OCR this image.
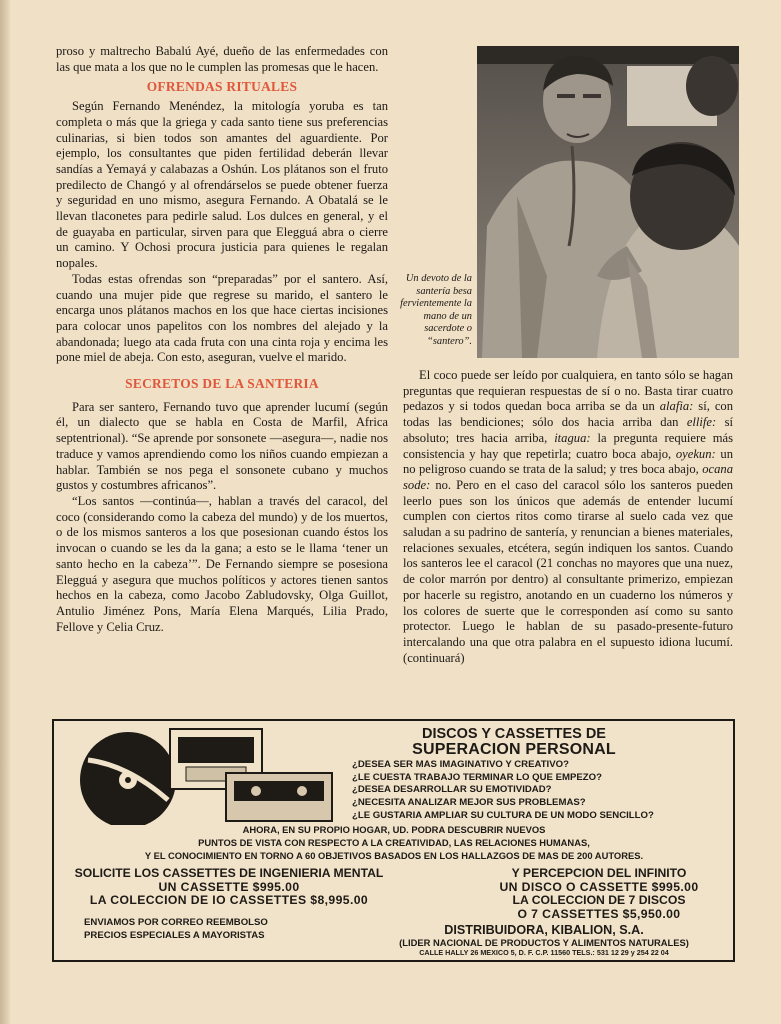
proso y maltrecho Babalú Ayé, dueño de las enfermedades con las que mata a los que no le cumplen las promesas que le hacen.

OFRENDAS RITUALES

Según Fernando Menéndez, la mitología yoruba es tan completa o más que la griega y cada santo tiene sus preferencias culinarias, si bien todos son amantes del aguardiente. Por ejemplo, los consultantes que piden fertilidad deberán llevar sandías a Yemayá y calabazas a Oshún. Los plátanos son el fruto predilecto de Changó y al ofrendárselos se puede obtener fuerza y seguridad en uno mismo, asegura Fernando. A Obatalá se le llevan tlaconetes para pedirle salud. Los dulces en general, y el de guayaba en particular, sirven para que Elegguá abra o cierre un camino. Y Ochosi procura justicia para quienes le regalan nopales.

Todas estas ofrendas son “preparadas” por el santero. Así, cuando una mujer pide que regrese su marido, el santero le encarga unos plátanos machos en los que hace ciertas incisiones para colocar unos papelitos con los nombres del alejado y la abandonada; luego ata cada fruta con una cinta roja y encima les pone miel de abeja. Con esto, aseguran, vuelve el marido.

SECRETOS DE LA SANTERIA

Para ser santero, Fernando tuvo que aprender lucumí (según él, un dialecto que se habla en Costa de Marfil, Africa septentrional). “Se aprende por sonsonete —asegura—, nadie nos traduce y vamos aprendiendo como los niños cuando empiezan a hablar. También se nos pega el sonsonete cubano y muchos gustos y costumbres africanos”.

“Los santos —continúa—, hablan a través del caracol, del coco (considerando como la cabeza del mundo) y de los muertos, o de los mismos santeros a los que posesionan cuando éstos los invocan o cuando se les da la gana; a esto se le llama ‘tener un santo hecho en la cabeza’”. De Fernando siempre se posesiona Elegguá y asegura que muchos políticos y actores tienen santos hechos en la cabeza, como Jacobo Zabludovsky, Olga Guillot, Antulio Jiménez Pons, María Elena Marqués, Lilia Prado, Fellove y Celia Cruz.

Un devoto de la santería besa fervientemente la mano de un sacerdote o “santero”.

El coco puede ser leído por cualquiera, en tanto sólo se hagan preguntas que requieran respuestas de sí o no. Basta tirar cuatro pedazos y si todos quedan boca arriba se da un alafia: sí, con todas las bendiciones; sólo dos hacia arriba dan ellife: sí absoluto; tres hacia arriba, itagua: la pregunta requiere más consistencia y hay que repetirla; cuatro boca abajo, oyekun: un no peligroso cuando se trata de la salud; y tres boca abajo, ocana sode: no. Pero en el caso del caracol sólo los santeros pueden leerlo pues son los únicos que además de entender lucumí cumplen con ciertos ritos como tirarse al suelo cada vez que saludan a su padrino de santería, y renuncian a bienes materiales, relaciones sexuales, etcétera, según indiquen los santos. Cuando los santeros lee el caracol (21 conchas no mayores que una nuez, de color marrón por dentro) al consultante primerizo, empiezan por hacerle su registro, anotando en un cuaderno los números y los colores de suerte que le corresponden así como su santo protector. Luego le hablan de su pasado-presente-futuro intercalando una que otra palabra en el supuesto idiona lucumí. (continuará)

DISCOS Y CASSETTES DE
SUPERACION PERSONAL
¿DESEA SER MAS IMAGINATIVO Y CREATIVO?
¿LE CUESTA TRABAJO TERMINAR LO QUE EMPEZO?
¿DESEA DESARROLLAR SU EMOTIVIDAD?
¿NECESITA ANALIZAR MEJOR SUS PROBLEMAS?
¿LE GUSTARIA AMPLIAR SU CULTURA DE UN MODO SENCILLO?
AHORA, EN SU PROPIO HOGAR, UD. PODRA DESCUBRIR NUEVOS
PUNTOS DE VISTA CON RESPECTO A LA CREATIVIDAD, LAS RELACIONES HUMANAS,
Y EL CONOCIMIENTO EN TORNO A 60 OBJETIVOS BASADOS EN LOS HALLAZGOS DE MAS DE 200 AUTORES.
SOLICITE LOS CASSETTES DE INGENIERIA MENTAL
UN CASSETTE $995.00
LA COLECCION DE IO CASSETTES $8,995.00
Y PERCEPCION DEL INFINITO
UN DISCO O CASSETTE $995.00
LA COLECCION DE 7 DISCOS
O 7 CASSETTES $5,950.00
ENVIAMOS POR CORREO REEMBOLSO
PRECIOS ESPECIALES A MAYORISTAS	DISTRIBUIDORA, KIBALION, S.A.
(LIDER NACIONAL DE PRODUCTOS Y ALIMENTOS NATURALES)
CALLE HALLY 26 MEXICO 5, D. F. C.P. 11560 TELS.: 531 12 29 y 254 22 04
